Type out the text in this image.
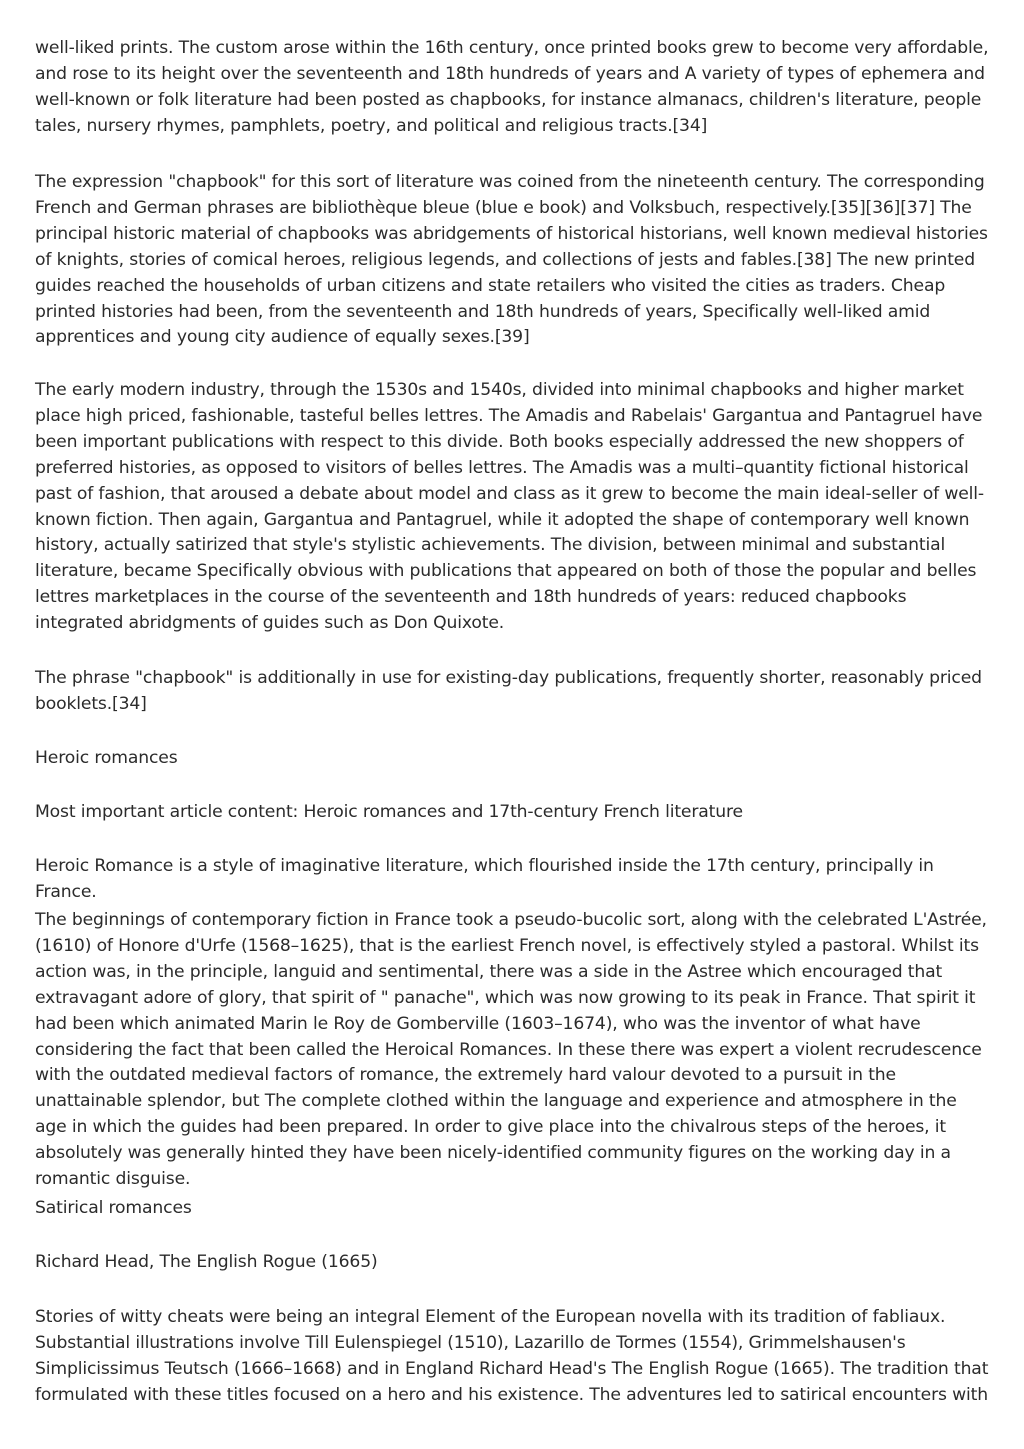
well-liked prints. The custom arose within the 16th century, once printed books grew to become very affordable, and rose to its height over the seventeenth and 18th hundreds of years and A variety of types of ephemera and well-known or folk literature had been posted as chapbooks, for instance almanacs, children's literature, people tales, nursery rhymes, pamphlets, poetry, and political and religious tracts.[34]

The expression "chapbook" for this sort of literature was coined from the nineteenth century. The corresponding French and German phrases are bibliothèque bleue (blue e book) and Volksbuch, respectively.[35][36][37] The principal historic material of chapbooks was abridgements of historical historians, well known medieval histories of knights, stories of comical heroes, religious legends, and collections of jests and fables.[38] The new printed guides reached the households of urban citizens and state retailers who visited the cities as traders. Cheap printed histories had been, from the seventeenth and 18th hundreds of years, Specifically well-liked amid apprentices and young city audience of equally sexes.[39]

The early modern industry, through the 1530s and 1540s, divided into minimal chapbooks and higher market place high priced, fashionable, tasteful belles lettres. The Amadis and Rabelais' Gargantua and Pantagruel have been important publications with respect to this divide. Both books especially addressed the new shoppers of preferred histories, as opposed to visitors of belles lettres. The Amadis was a multi–quantity fictional historical past of fashion, that aroused a debate about model and class as it grew to become the main ideal-seller of well-known fiction. Then again, Gargantua and Pantagruel, while it adopted the shape of contemporary well known history, actually satirized that style's stylistic achievements. The division, between minimal and substantial literature, became Specifically obvious with publications that appeared on both of those the popular and belles lettres marketplaces in the course of the seventeenth and 18th hundreds of years: reduced chapbooks integrated abridgments of guides such as Don Quixote.

The phrase "chapbook" is additionally in use for existing-day publications, frequently shorter, reasonably priced booklets.[34]

Heroic romances

Most important article content: Heroic romances and 17th-century French literature

Heroic Romance is a style of imaginative literature, which flourished inside the 17th century, principally in France.

The beginnings of contemporary fiction in France took a pseudo-bucolic sort, along with the celebrated L'Astrée, (1610) of Honore d'Urfe (1568–1625), that is the earliest French novel, is effectively styled a pastoral. Whilst its action was, in the principle, languid and sentimental, there was a side in the Astree which encouraged that extravagant adore of glory, that spirit of " panache", which was now growing to its peak in France. That spirit it had been which animated Marin le Roy de Gomberville (1603–1674), who was the inventor of what have considering the fact that been called the Heroical Romances. In these there was expert a violent recrudescence with the outdated medieval factors of romance, the extremely hard valour devoted to a pursuit in the unattainable splendor, but The complete clothed within the language and experience and atmosphere in the age in which the guides had been prepared. In order to give place into the chivalrous steps of the heroes, it absolutely was generally hinted they have been nicely-identified community figures on the working day in a romantic disguise.

Satirical romances

Richard Head, The English Rogue (1665)

Stories of witty cheats were being an integral Element of the European novella with its tradition of fabliaux. Substantial illustrations involve Till Eulenspiegel (1510), Lazarillo de Tormes (1554), Grimmelshausen's Simplicissimus Teutsch (1666–1668) and in England Richard Head's The English Rogue (1665). The tradition that formulated with these titles focused on a hero and his existence. The adventures led to satirical encounters with
